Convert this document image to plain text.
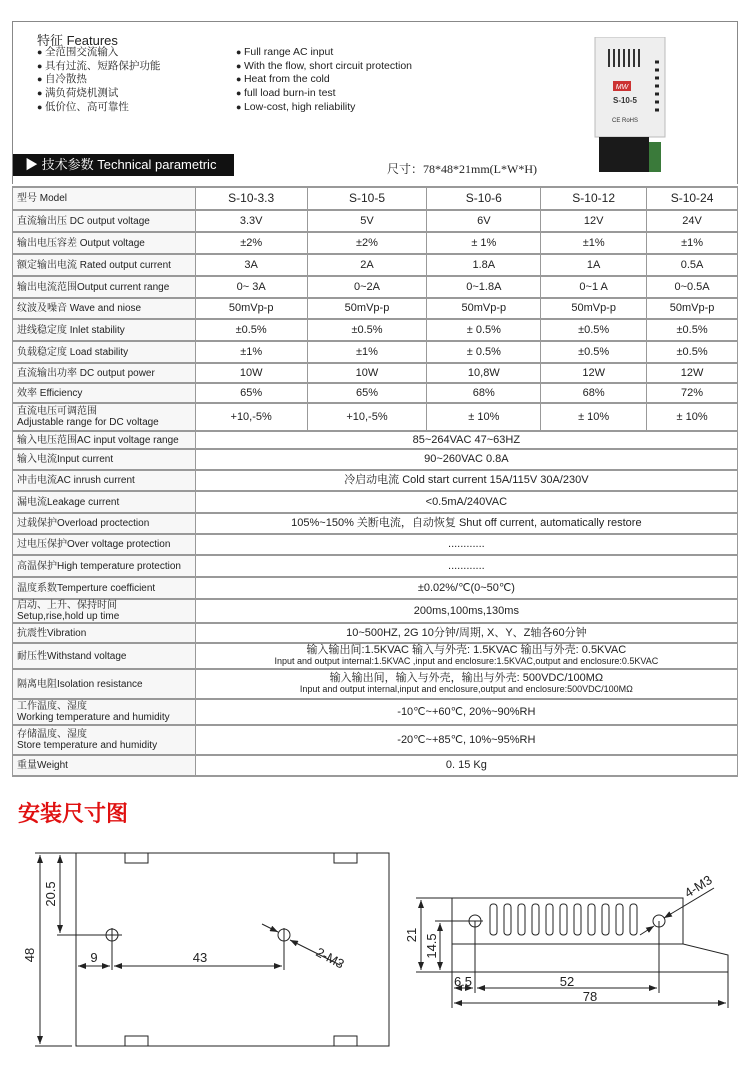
特征 Features
● 全范围交流输入
● 具有过流、短路保护功能
● 自冷散热
● 满负荷烧机测试
● 低价位、高可靠性
● Full range AC input
● With the flow, short circuit protection
● Heat from the cold
● full load burn-in test
● Low-cost, high reliability
MW
S-10-5
CE RoHS
▶ 技术参数 Technical parametric	尺寸：78*48*21mm(L*W*H)
型号 Model	S-10-3.3	S-10-5	S-10-6	S-10-12	S-10-24
直流输出压 DC output voltage	3.3V	5V	6V	12V	24V
输出电压容差 Output voltage	±2%	±2%	± 1%	±1%	±1%
额定输出电流 Rated output current	3A	2A	1.8A	1A	0.5A
输出电流范围Output current range	0~ 3A	0~2A	0~1.8A	0~1 A	0~0.5A
纹波及噪音 Wave and niose	50mVp-p	50mVp-p	50mVp-p	50mVp-p	50mVp-p
进线稳定度 Inlet stability	±0.5%	±0.5%	± 0.5%	±0.5%	±0.5%
负载稳定度 Load stability	±1%	±1%	± 0.5%	±0.5%	±0.5%
直流输出功率 DC output power	10W	10W	10,8W	12W	12W
效率 Efficiency	65%	65%	68%	68%	72%

直流电压可调范围
Adjustable range for DC voltage	+10,-5%	+10,-5%	± 10%	± 10%	± 10%
输入电压范围AC input voltage range	85~264VAC 47~63HZ				
输入电流Input current	90~260VAC 0.8A				
冲击电流AC inrush current	冷启动电流 Cold start current 15A/115V 30A/230V				
漏电流Leakage current	<0.5mA/240VAC				
过载保护Overload proctection	105%~150% 关断电流，自动恢复 Shut off current, automatically restore				
过电压保护Over voltage protection	............				
高温保护High temperature protection	............				
温度系数Temperture coefficient	±0.02%/℃(0~50℃)				

启动、上升、保持时间
Setup,rise,hold up time	200ms,100ms,130ms				
抗震性Vibration	10~500HZ, 2G 10分钟/周期, X、Y、Z轴各60分钟				
耐压性Withstand voltage	输入输出间:1.5KVAC 输入与外壳: 1.5KVAC 输出与外壳: 0.5KVAC
Input and output internal:1.5KVAC ,input and enclosure:1.5KVAC,output and enclosure:0.5KVAC				

隔离电阻Isolation resistance	输入输出间，输入与外壳，输出与外壳: 500VDC/100MΩ
Input and output internal,input and enclosure,output and enclosure:500VDC/100MΩ				

工作温度、湿度
Working temperature and humidity	-10℃~+60℃, 20%~90%RH				

存储温度、湿度
Store temperature and humidity	-20℃~+85℃, 10%~95%RH				
重量Weight	0. 15 Kg				
安装尺寸图
48
20.5
9	43	2-M3
21 14.5
6.5	52
78
4-M3
